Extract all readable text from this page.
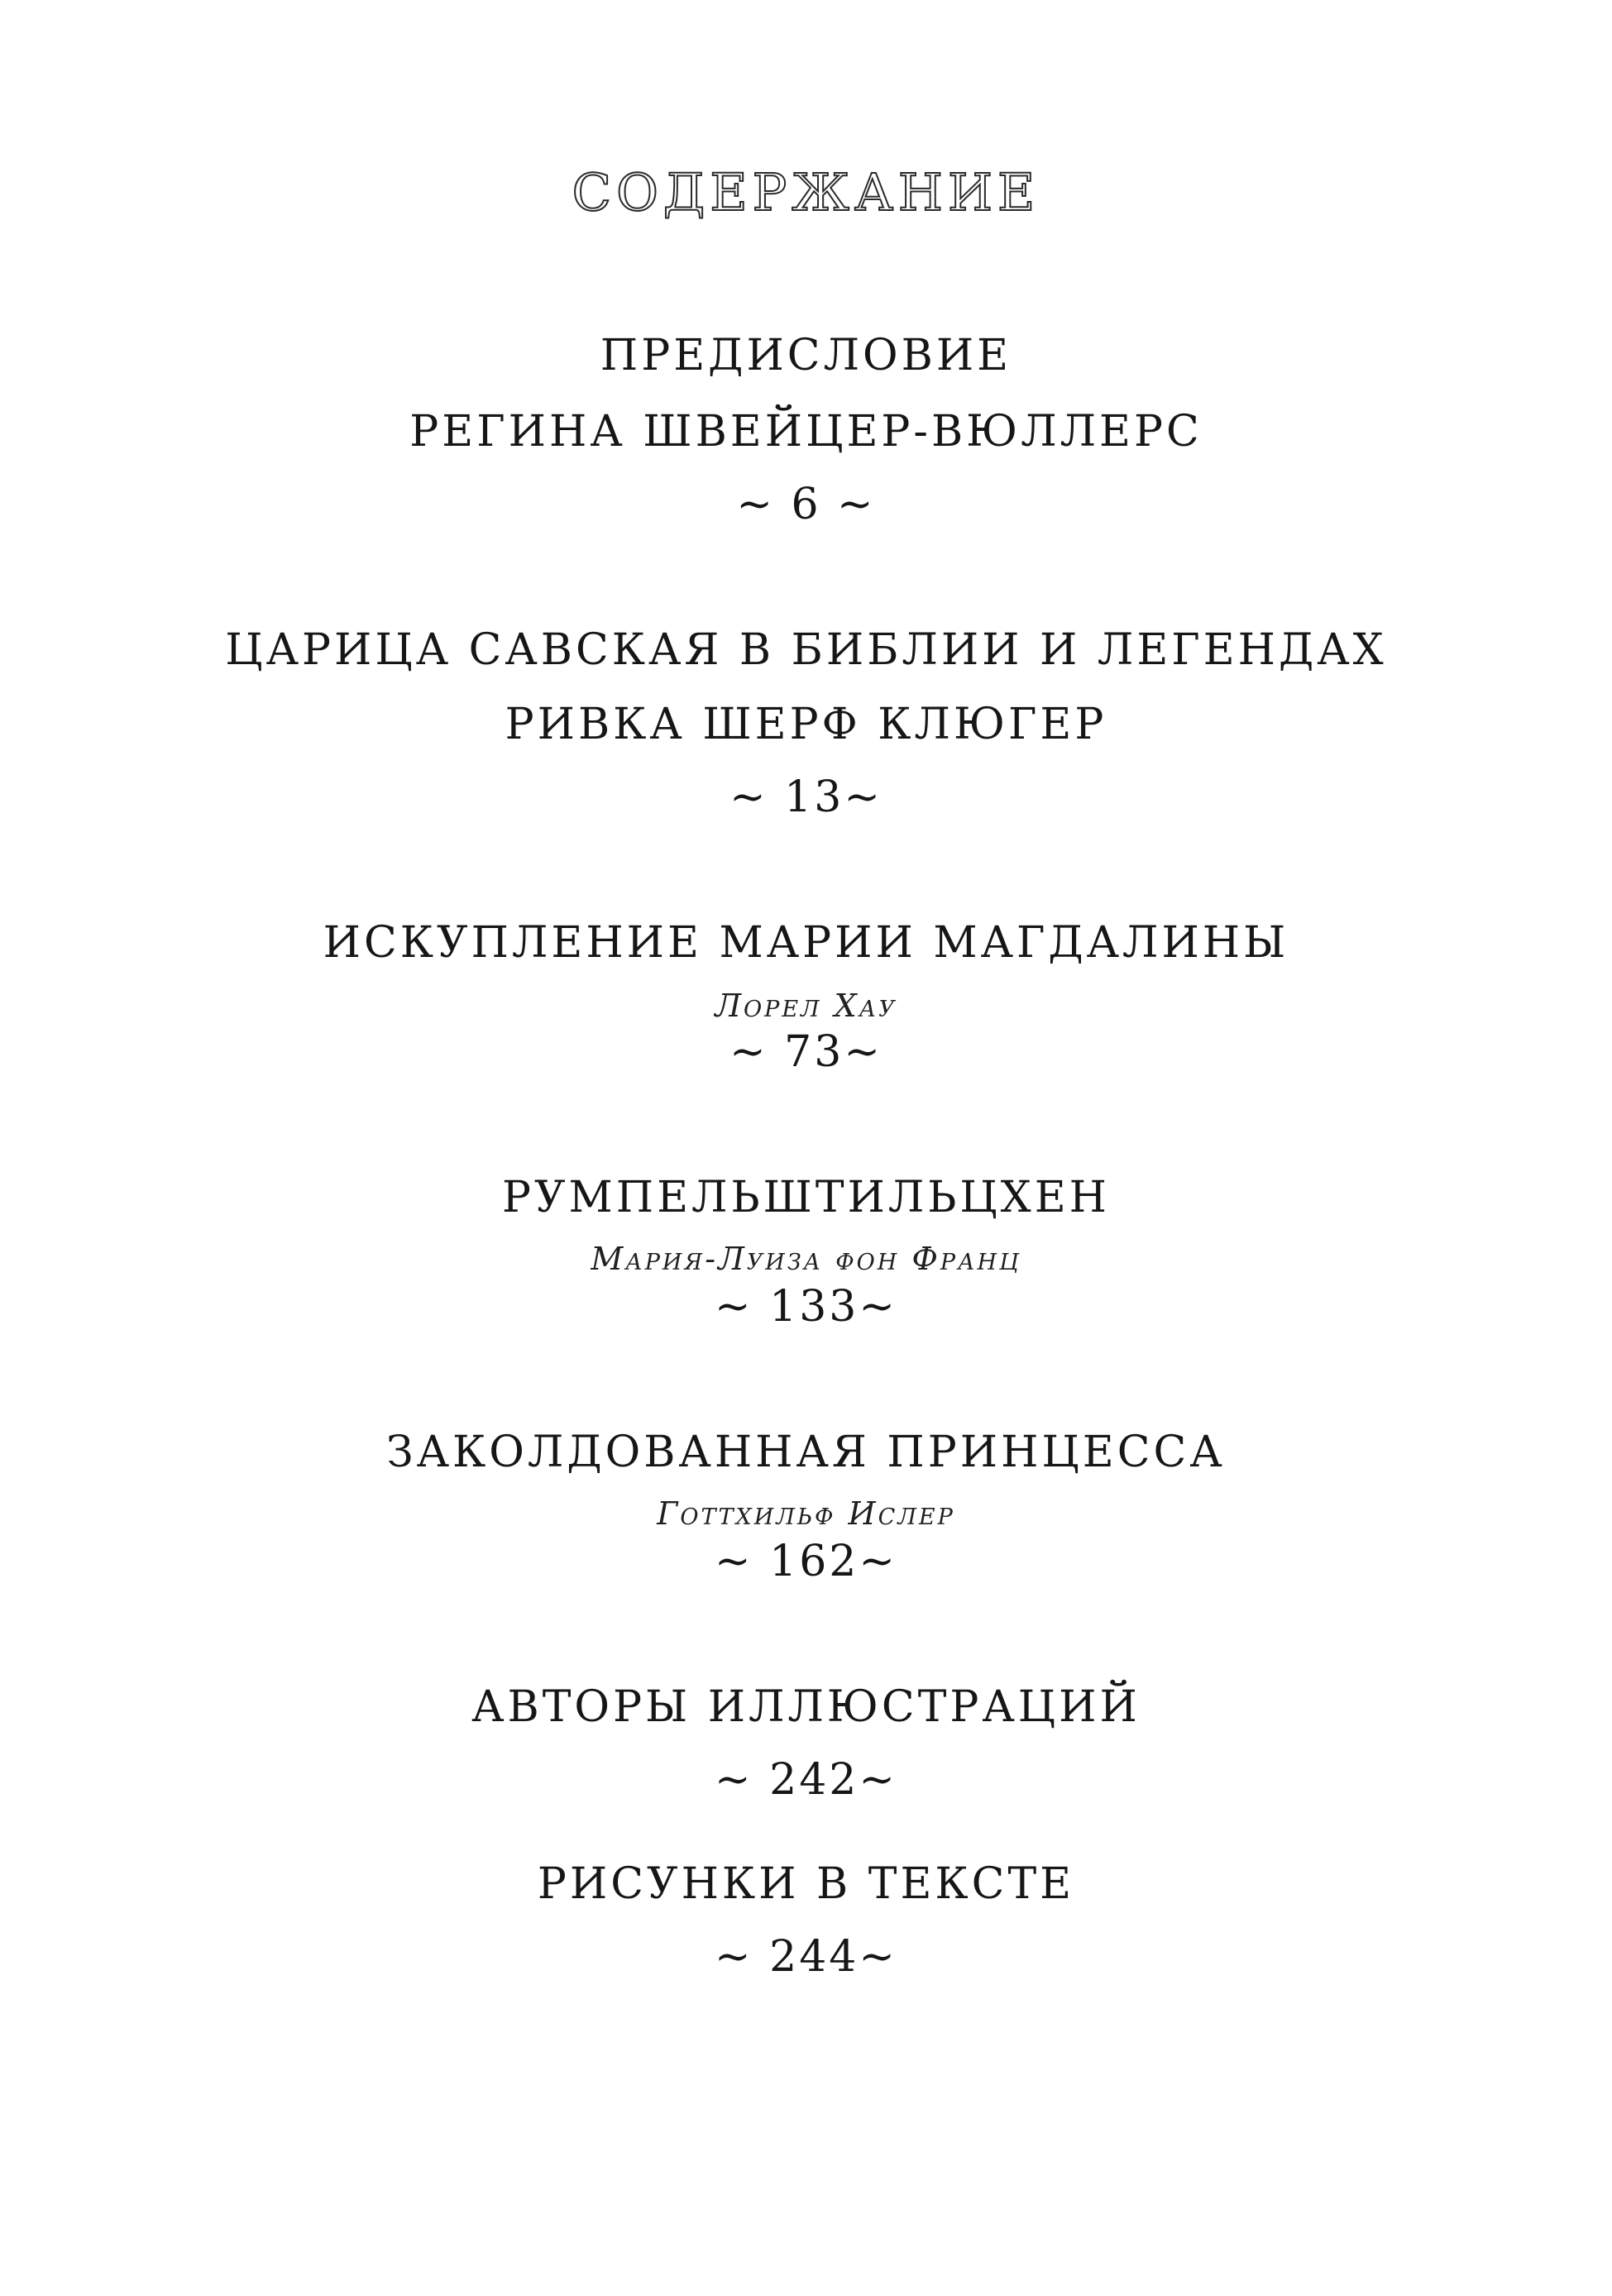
СОДЕРЖАНИЕ
ПРЕДИСЛОВИЕ
РЕГИНА ШВЕЙЦЕР-ВЮЛЛЕРС
~ 6 ~
ЦАРИЦА САВСКАЯ В БИБЛИИ И ЛЕГЕНДАХ
РИВКА ШЕРФ КЛЮГЕР
~ 13~
ИСКУПЛЕНИЕ МАРИИ МАГДАЛИНЫ
Лорел Хау
~ 73~
РУМПЕЛЬШТИЛЬЦХЕН
Мария-Луиза фон Франц
~ 133~
ЗАКОЛДОВАННАЯ ПРИНЦЕССА
Готтхильф Ислер
~ 162~
АВТОРЫ ИЛЛЮСТРАЦИЙ
~ 242~
РИСУНКИ В ТЕКСТЕ
~ 244~
